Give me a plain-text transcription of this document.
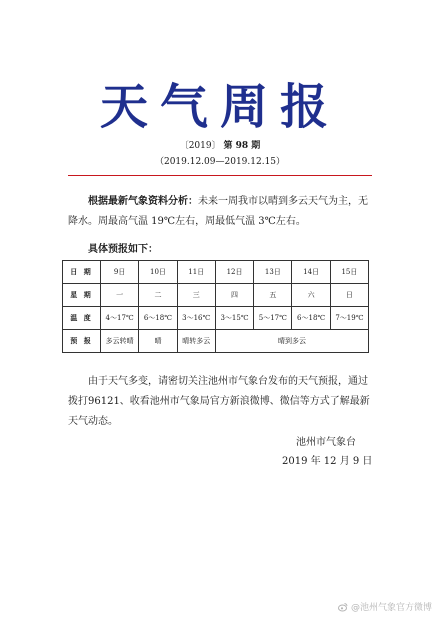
天气周报
〔2019〕 第 98 期
（2019.12.09—2019.12.15）
根据最新气象资料分析：未来一周我市以晴到多云天气为主，无降水。周最高气温 19℃左右，周最低气温 3℃左右。
具体预报如下：
日 期	9日	10日	11日	12日	13日	14日	15日
星 期	一	二	三	四	五	六	日
温 度	4～17℃	6～18℃	3～16℃	3～15℃	5～17℃	6～18℃	7～19℃
预 报	多云转晴	晴	晴转多云	晴到多云			
由于天气多变，请密切关注池州市气象台发布的天气预报，通过拨打96121、收看池州市气象局官方新浪微博、微信等方式了解最新天气动态。
池州市气象台
2019 年 12 月 9 日
@池州气象官方微博
